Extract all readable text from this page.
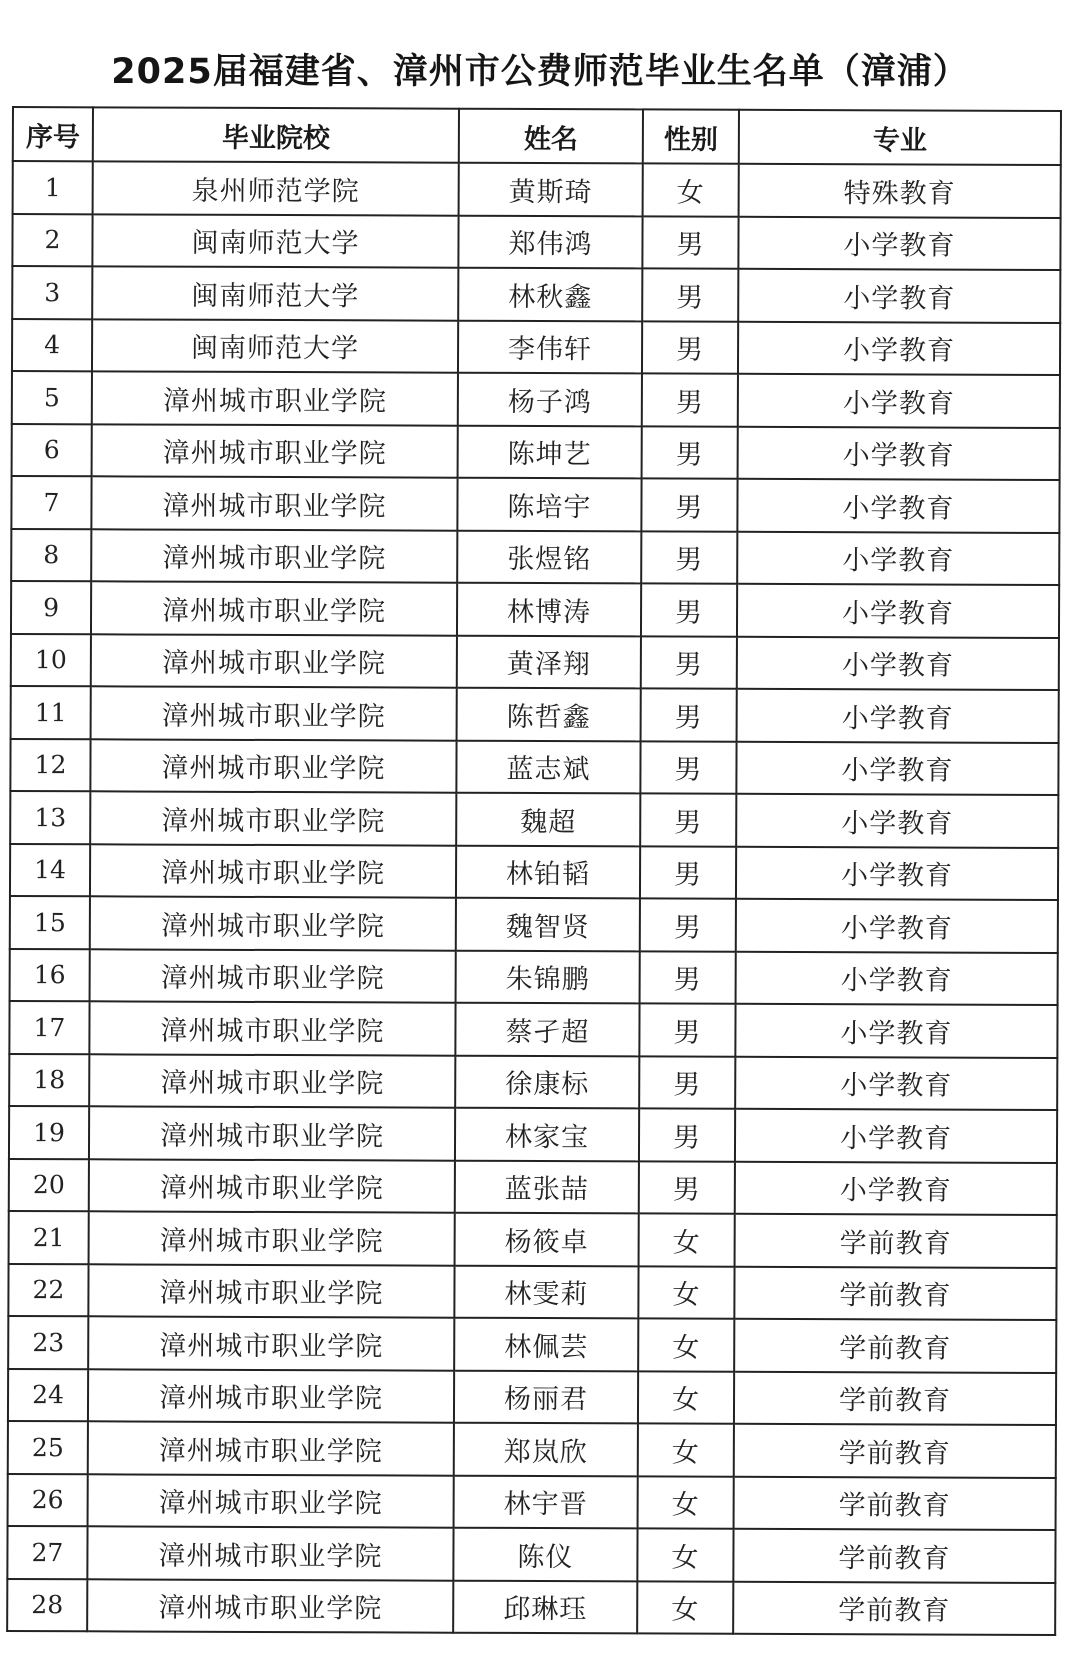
2025届福建省、漳州市公费师范毕业生名单（漳浦）
序号	毕业院校	姓名	性别	专业
1	泉州师范学院	黄斯琦	女	特殊教育
2	闽南师范大学	郑伟鸿	男	小学教育
3	闽南师范大学	林秋鑫	男	小学教育
4	闽南师范大学	李伟轩	男	小学教育
5	漳州城市职业学院	杨子鸿	男	小学教育
6	漳州城市职业学院	陈坤艺	男	小学教育
7	漳州城市职业学院	陈培宇	男	小学教育
8	漳州城市职业学院	张煜铭	男	小学教育
9	漳州城市职业学院	林博涛	男	小学教育
10	漳州城市职业学院	黄泽翔	男	小学教育
11	漳州城市职业学院	陈哲鑫	男	小学教育
12	漳州城市职业学院	蓝志斌	男	小学教育
13	漳州城市职业学院	魏超	男	小学教育
14	漳州城市职业学院	林铂韬	男	小学教育
15	漳州城市职业学院	魏智贤	男	小学教育
16	漳州城市职业学院	朱锦鹏	男	小学教育
17	漳州城市职业学院	蔡孑超	男	小学教育
18	漳州城市职业学院	徐康标	男	小学教育
19	漳州城市职业学院	林家宝	男	小学教育
20	漳州城市职业学院	蓝张喆	男	小学教育
21	漳州城市职业学院	杨筱卓	女	学前教育
22	漳州城市职业学院	林雯莉	女	学前教育
23	漳州城市职业学院	林佩芸	女	学前教育
24	漳州城市职业学院	杨丽君	女	学前教育
25	漳州城市职业学院	郑岚欣	女	学前教育
26	漳州城市职业学院	林宇晋	女	学前教育
27	漳州城市职业学院	陈仪	女	学前教育
28	漳州城市职业学院	邱琳珏	女	学前教育
